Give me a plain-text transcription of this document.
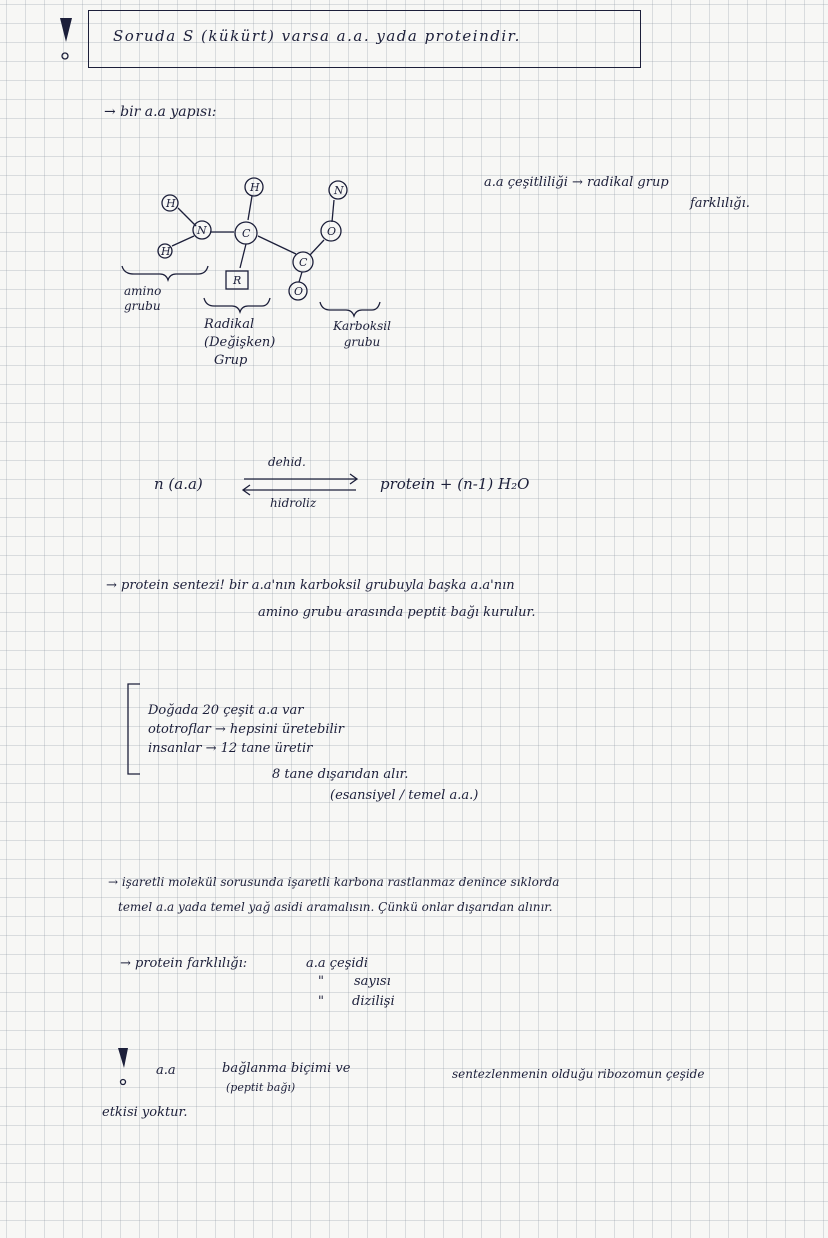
Soruda S (kükürt) varsa a.a. yada proteindir.
→ bir a.a yapısı:
H
H
N
H
C
R
C
O
O
N
amino grubu
Radikal
(Değişken)
Grup
Karboksil grubu
a.a çeşitliliği → radikal grup
farklılığı.
n (a.a)
dehid.
hidroliz
protein + (n-1) H₂O
→ protein sentezi! bir a.a'nın karboksil grubuyla başka a.a'nın
amino grubu arasında peptit bağı kurulur.
Doğada 20 çeşit a.a var
ototroflar → hepsini üretebilir
insanlar → 12 tane üretir
8 tane dışarıdan alır.
(esansiyel / temel a.a.)
→ işaretli molekül sorusunda işaretli karbona rastlanmaz denince sıklorda
temel a.a yada temel yağ asidi aramalısın. Çünkü onlar dışarıdan alınır.
→ protein farklılığı:	a.a çeşidi
" sayısı
" dizilişi
a.a	bağlanma biçimi ve
(peptit bağı)
sentezlenmenin olduğu ribozomun çeşide
etkisi yoktur.
